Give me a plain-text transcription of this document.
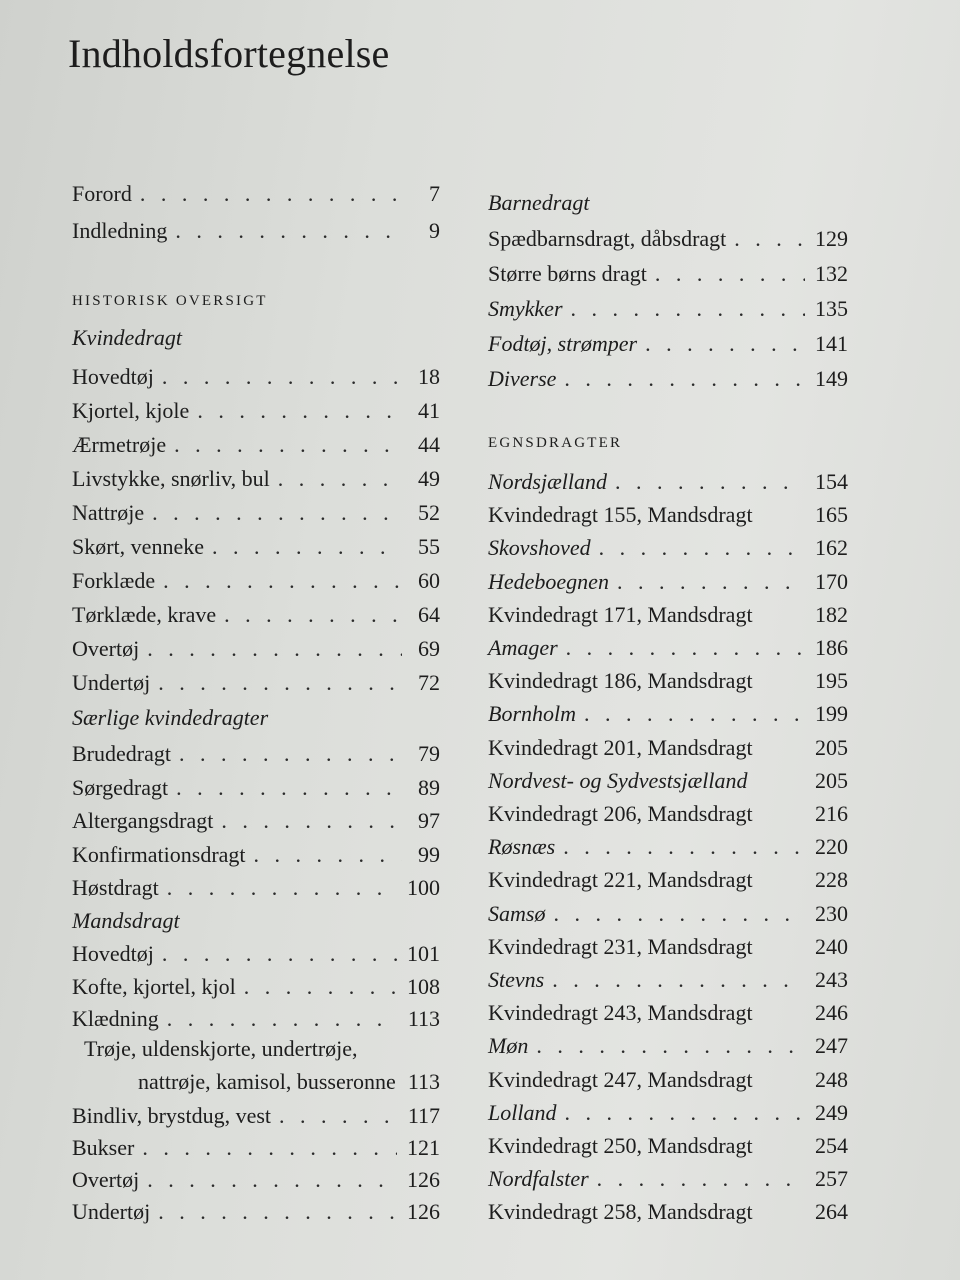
Indholdsfortegnelse
Forord . . .	7
Indledning . . .	9
HISTORISK OVERSIGT
Kvindedragt
Hovedtøj . . .	18
Kjortel, kjole . . .	41
Ærmetrøje . . .	44
Livstykke, snørliv, bul . . .	49
Nattrøje . . .	52
Skørt, venneke . . .	55
Forklæde . . .	60
Tørklæde, krave . . .	64
Overtøj . . .	69
Undertøj . . .	72
Særlige kvindedragter
Brudedragt . . .	79
Sørgedragt . . .	89
Altergangsdragt . . .	97
Konfirmationsdragt . . .	99
Høstdragt . . .	100
Mandsdragt
Hovedtøj . . .	101
Kofte, kjortel, kjol . . .	108
Klædning . . .	113
Trøje, uldenskjorte, undertrøje,
nattrøje, kamisol, busseronne 113
Bindliv, brystdug, vest . . .	117
Bukser . . .	121
Overtøj . . .	126
Undertøj . . .	126
Barnedragt
Spædbarnsdragt, dåbsdragt . . .	129
Større børns dragt . . .	132
Smykker . . .	135
Fodtøj, strømper . . .	141
Diverse . . .	149
EGNSDRAGTER
Nordsjælland . . .	154
Kvindedragt 155, Mandsdragt	165
Skovshoved . . .	162
Hedeboegnen . . .	170
Kvindedragt 171, Mandsdragt	182
Amager . . .	186
Kvindedragt 186, Mandsdragt	195
Bornholm . . .	199
Kvindedragt 201, Mandsdragt	205
Nordvest- og Sydvestsjælland	205
Kvindedragt 206, Mandsdragt	216
Røsnæs . . .	220
Kvindedragt 221, Mandsdragt	228
Samsø . . .	230
Kvindedragt 231, Mandsdragt	240
Stevns . . .	243
Kvindedragt 243, Mandsdragt	246
Møn . . .	247
Kvindedragt 247, Mandsdragt	248
Lolland . . .	249
Kvindedragt 250, Mandsdragt	254
Nordfalster . . .	257
Kvindedragt 258, Mandsdragt	264
